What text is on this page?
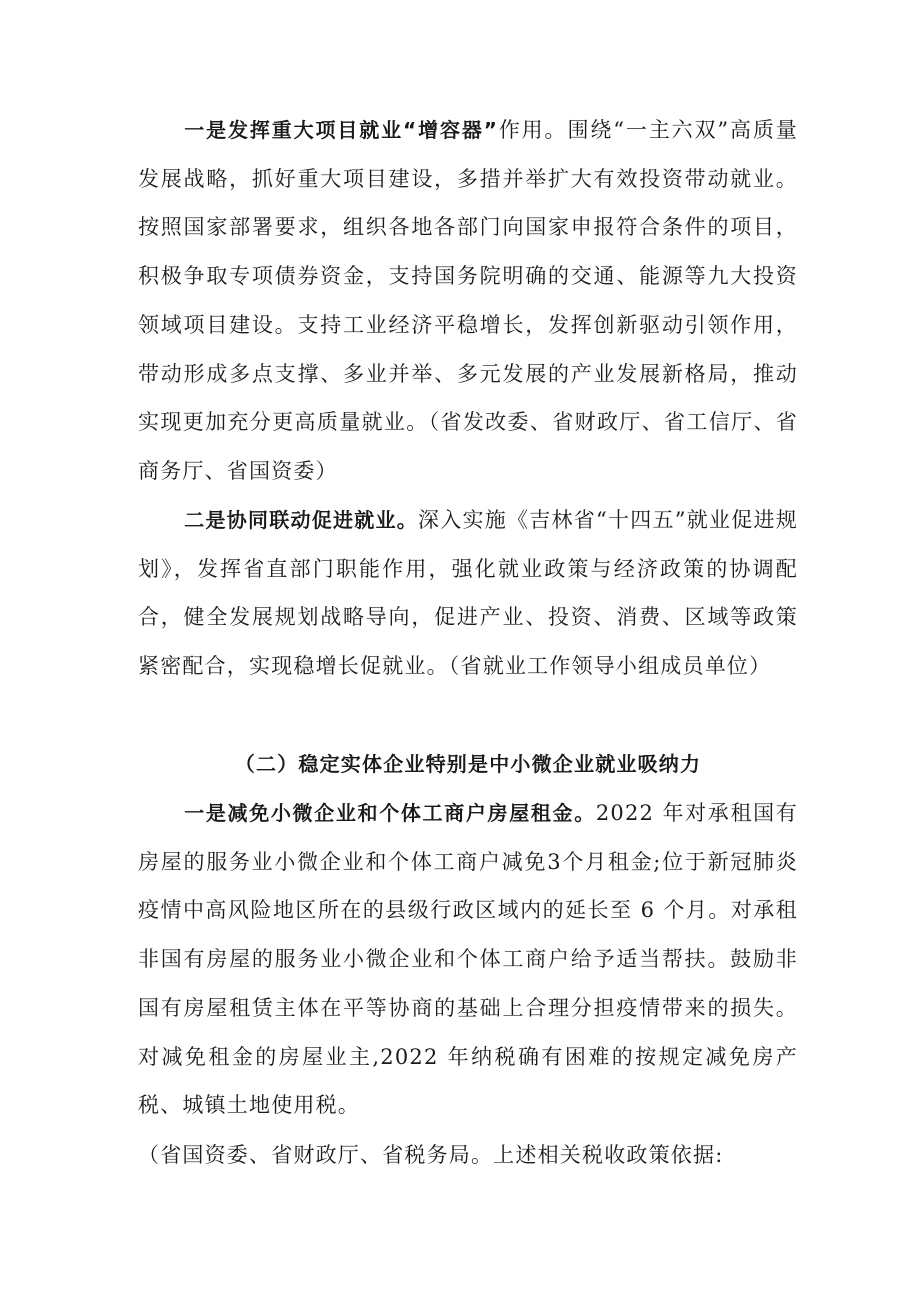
一是发挥重大项目就业“增容器”作用。围绕“一主六双”高质量发展战略，抓好重大项目建设，多措并举扩大有效投资带动就业。按照国家部署要求，组织各地各部门向国家申报符合条件的项目，积极争取专项债券资金，支持国务院明确的交通、能源等九大投资领域项目建设。支持工业经济平稳增长，发挥创新驱动引领作用，带动形成多点支撑、多业并举、多元发展的产业发展新格局，推动实现更加充分更高质量就业。（省发改委、省财政厅、省工信厅、省商务厅、省国资委）

二是协同联动促进就业。深入实施《吉林省“十四五”就业促进规划》，发挥省直部门职能作用，强化就业政策与经济政策的协调配合，健全发展规划战略导向，促进产业、投资、消费、区域等政策紧密配合，实现稳增长促就业。（省就业工作领导小组成员单位）

（二）稳定实体企业特别是中小微企业就业吸纳力

一是减免小微企业和个体工商户房屋租金。2022 年对承租国有房屋的服务业小微企业和个体工商户减免3个月租金;位于新冠肺炎疫情中高风险地区所在的县级行政区域内的延长至 6 个月。对承租非国有房屋的服务业小微企业和个体工商户给予适当帮扶。鼓励非国有房屋租赁主体在平等协商的基础上合理分担疫情带来的损失。对减免租金的房屋业主,2022 年纳税确有困难的按规定减免房产税、城镇土地使用税。

（省国资委、省财政厅、省税务局。上述相关税收政策依据:
